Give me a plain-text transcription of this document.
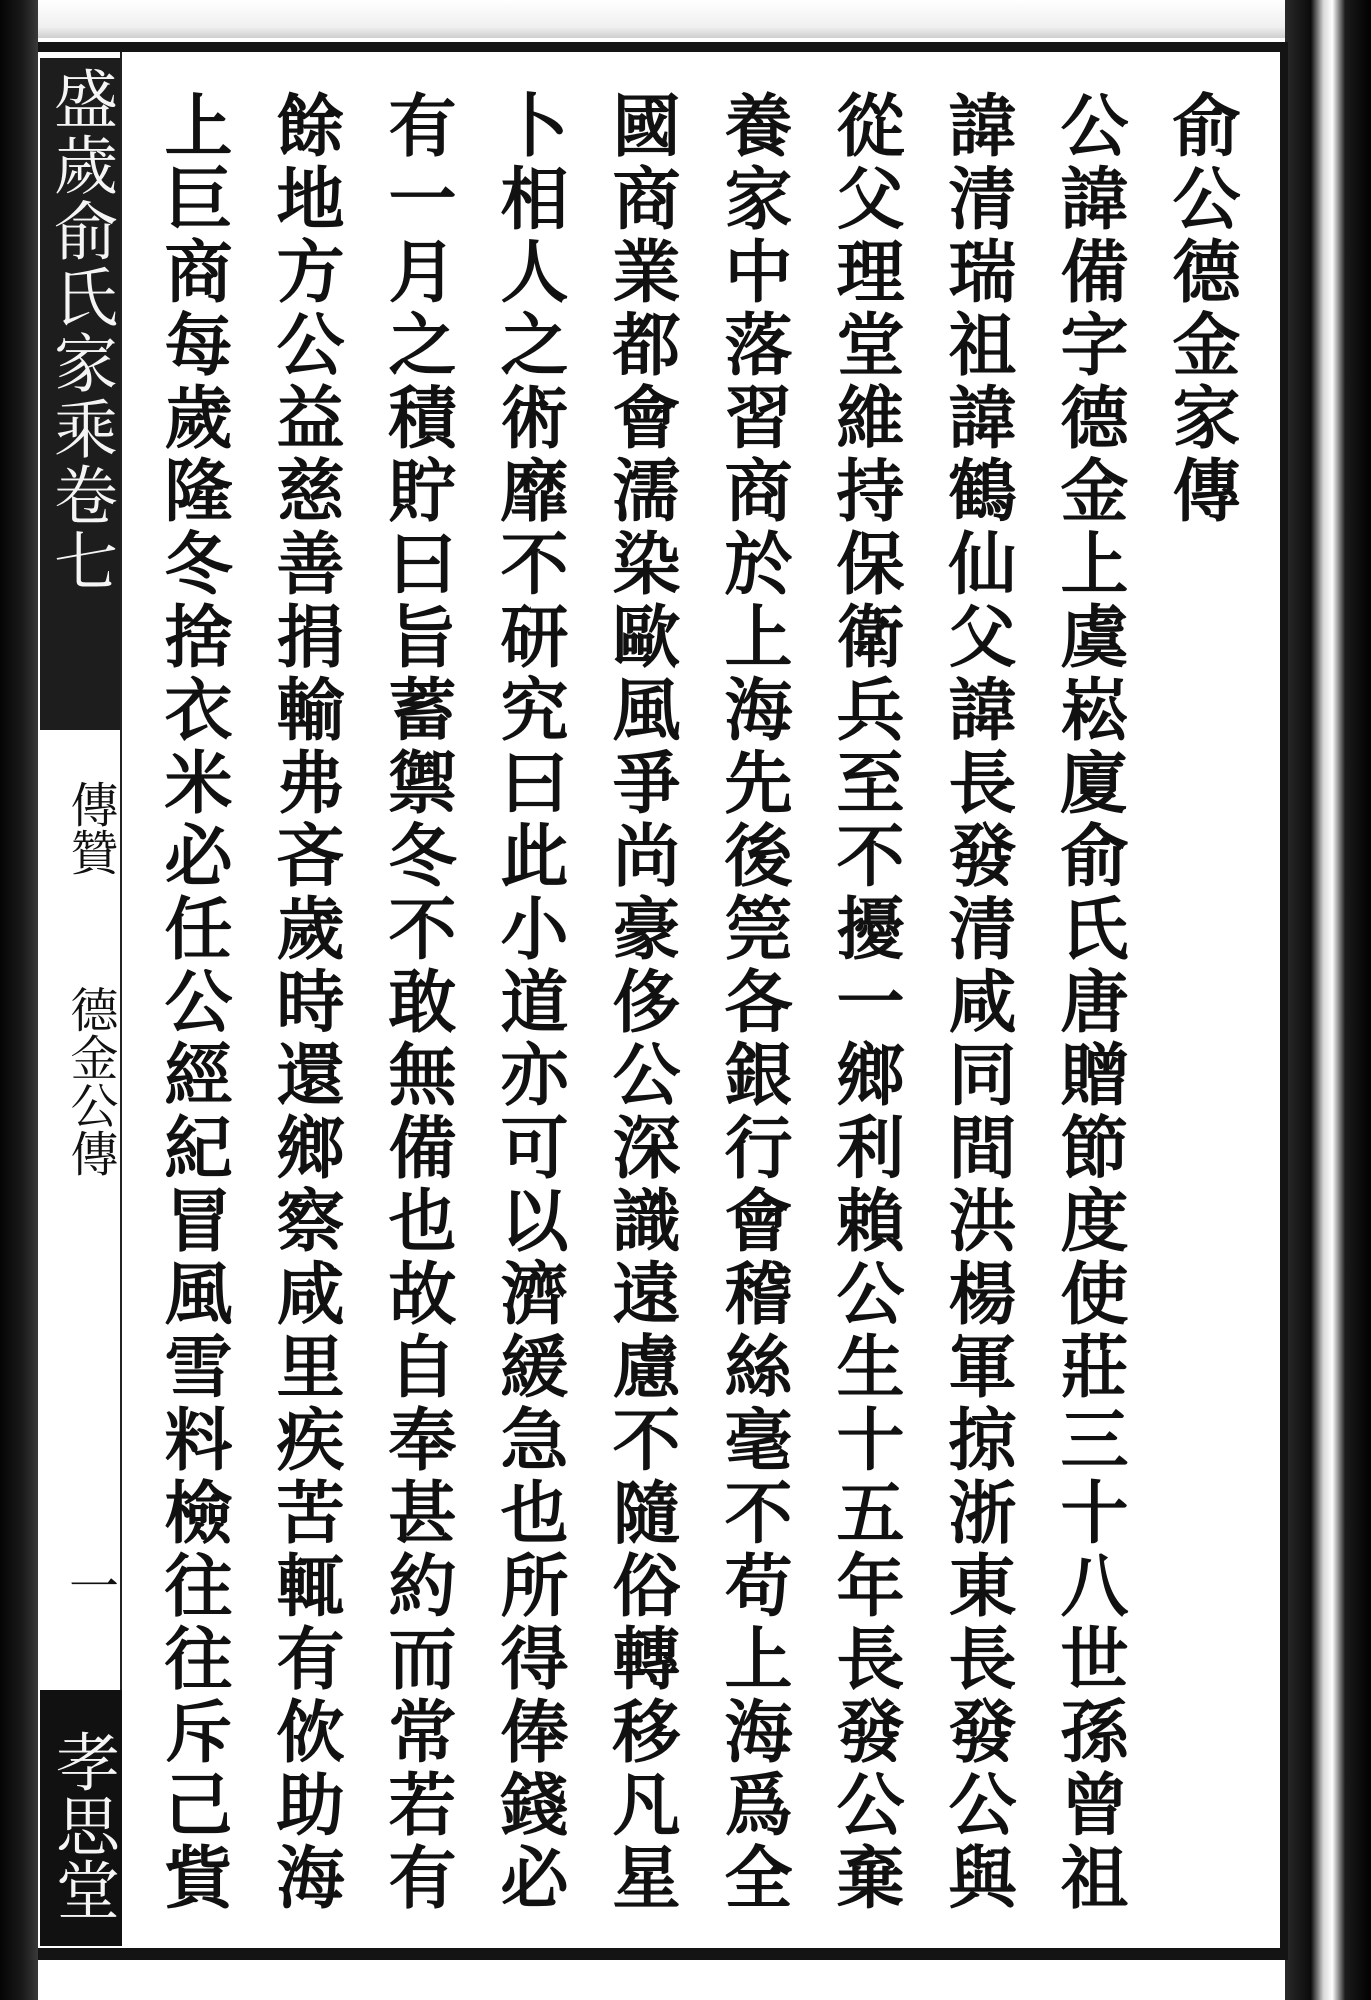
盛歲俞氏家乘
卷七
傳贊
德金公傳
一
孝思堂
俞公德金家傳
公諱備字德金上虞崧廈俞氏唐贈節度使莊三十八世孫曾祖
諱清瑞祖諱鶴仙父諱長發清咸同間洪楊軍掠浙東長發公與
從父理堂維持保衛兵至不擾一鄉利賴公生十五年長發公棄
養家中落習商於上海先後筦各銀行會稽絲毫不苟上海爲全
國商業都會濡染歐風爭尚豪侈公深識遠慮不隨俗轉移凡星
卜相人之術靡不研究曰此小道亦可以濟緩急也所得俸錢必
有一月之積貯曰旨蓄禦冬不敢無備也故自奉甚約而常若有
餘地方公益慈善捐輸弗吝歲時還鄉察咸里疾苦輒有佽助海
上巨商每歲隆冬捨衣米必任公經紀冒風雪料檢往往斥己貲
